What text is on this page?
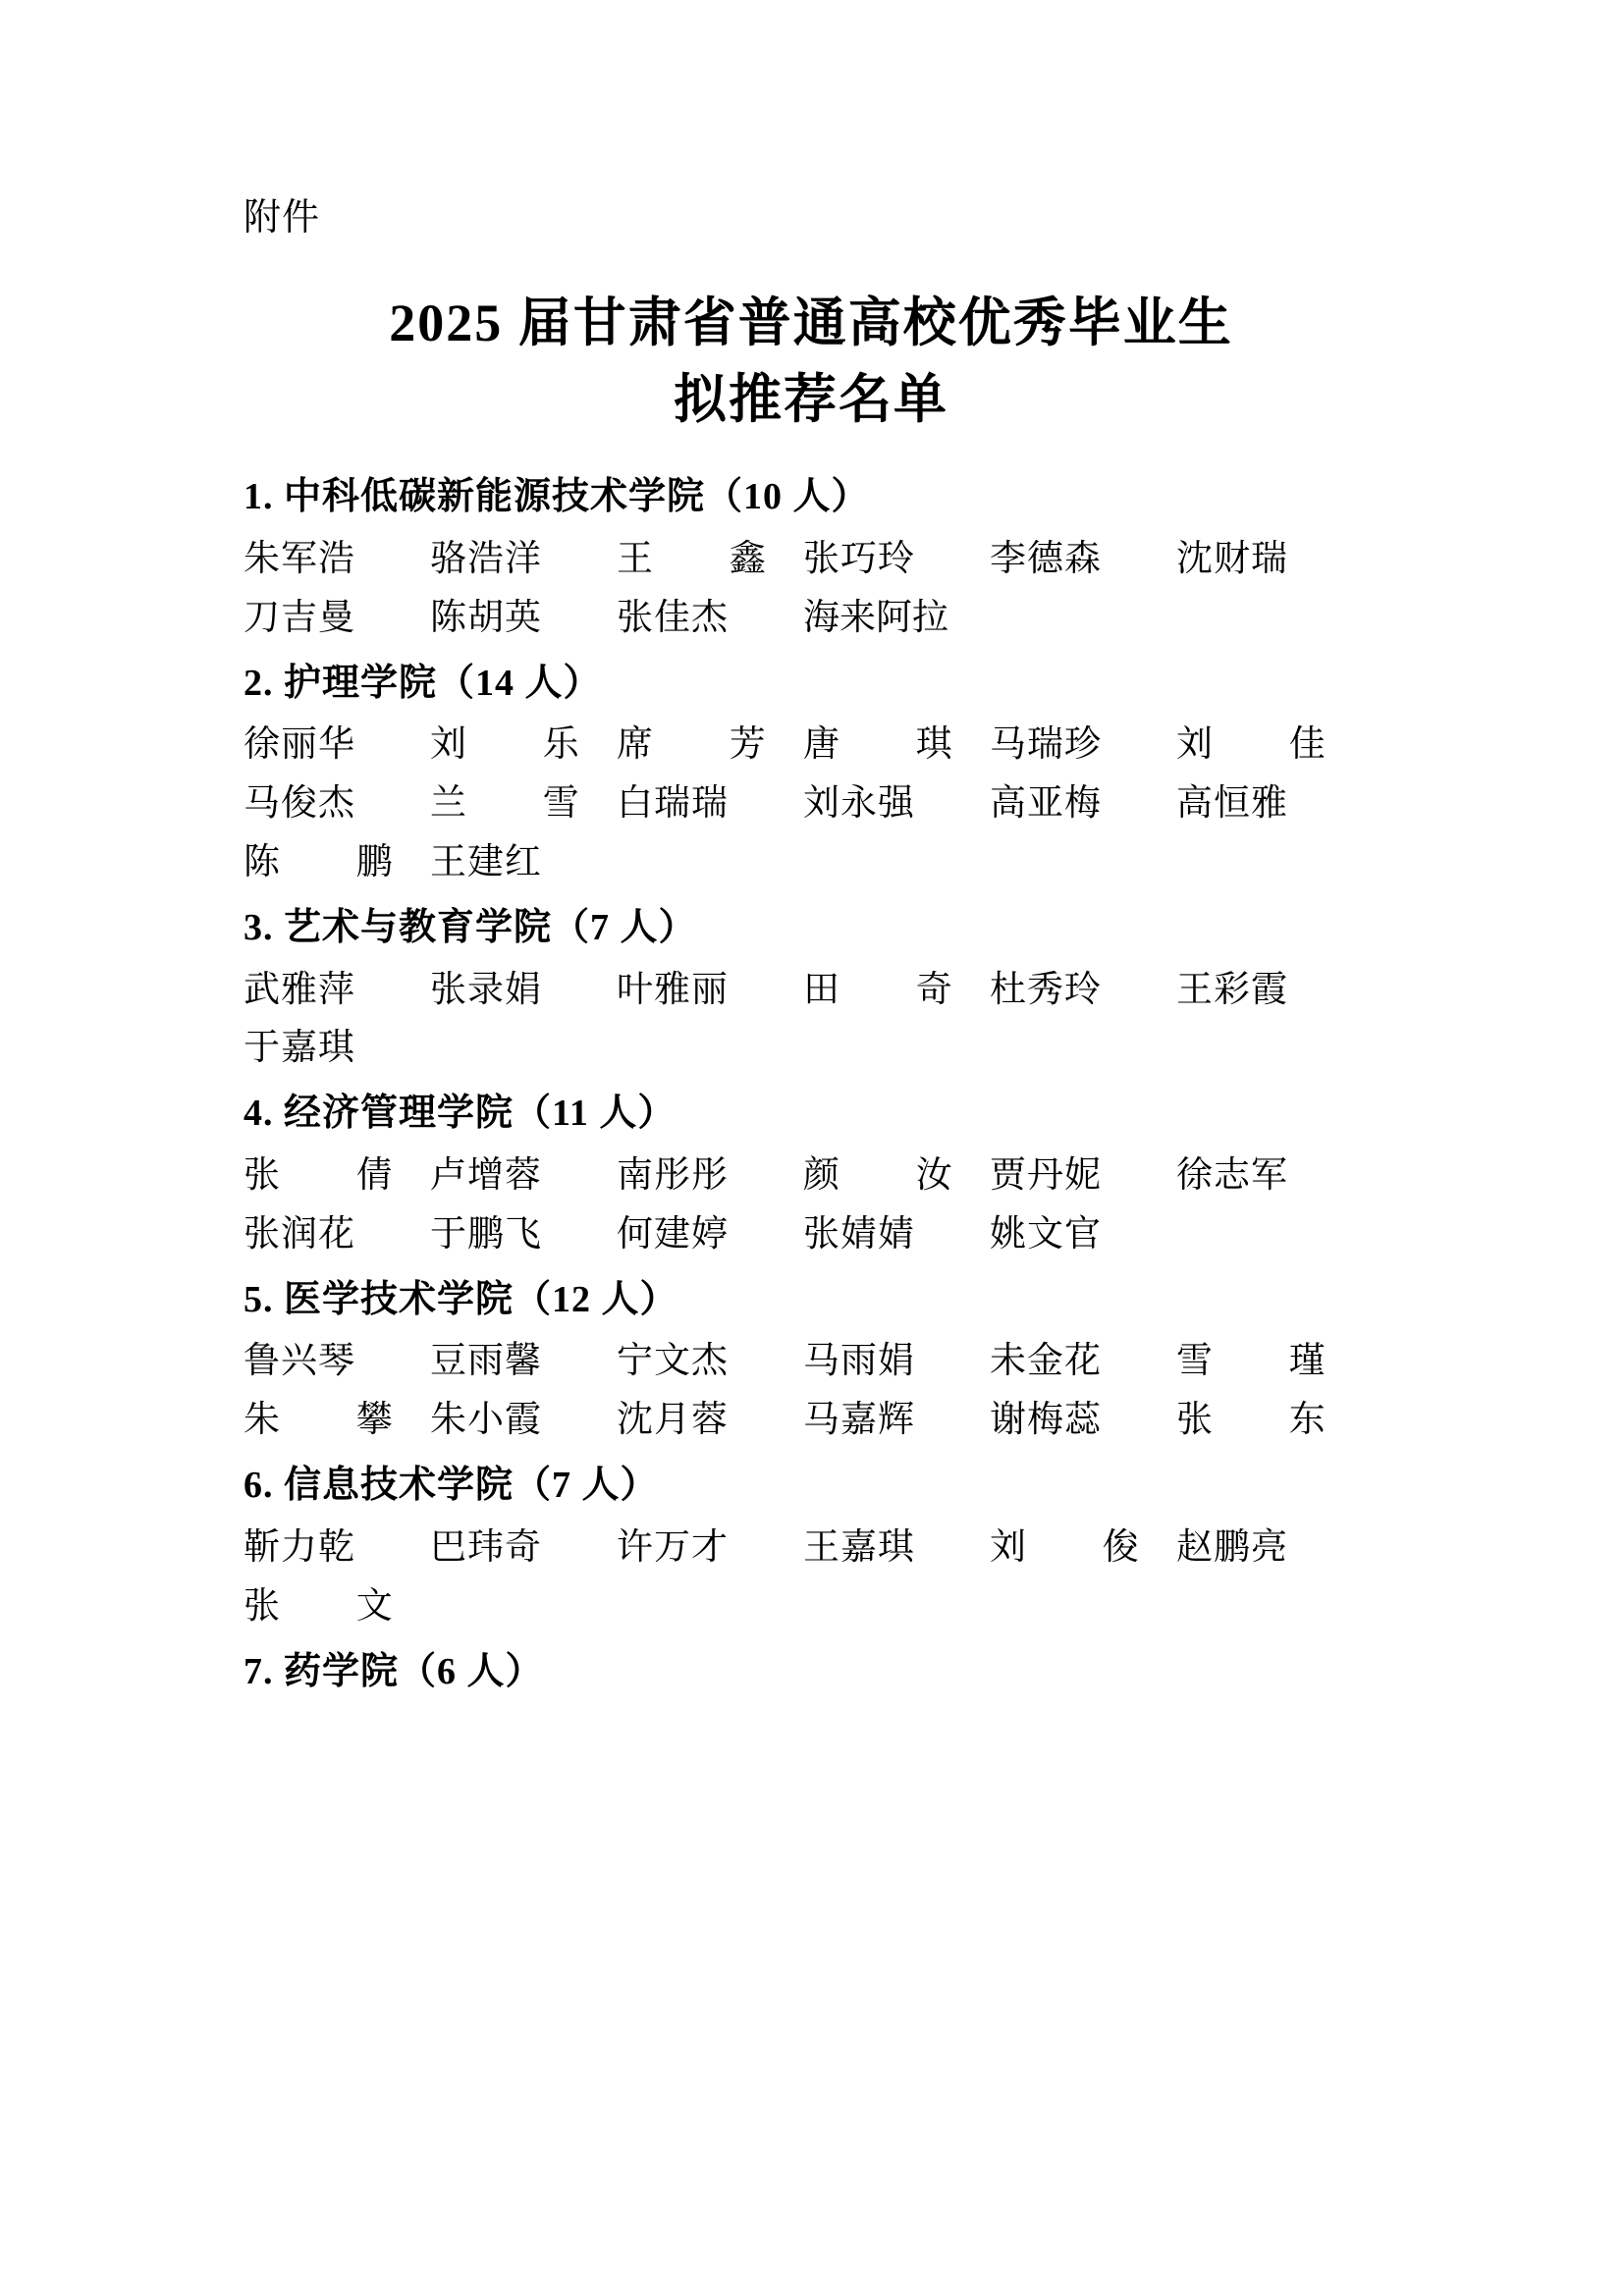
附件
2025 届甘肃省普通高校优秀毕业生
拟推荐名单
1. 中科低碳新能源技术学院（10 人）
朱军浩	骆浩洋	王　鑫 张巧玲	李德森	沈财瑞
刀吉曼	陈胡英	张佳杰	海来阿拉
2. 护理学院（14 人）
徐丽华	刘　乐 席　芳 唐　琪 马瑞珍	刘　佳
马俊杰	兰　雪 白瑞瑞	刘永强	高亚梅	高恒雅
陈　鹏 王建红
3. 艺术与教育学院（7 人）
武雅萍	张录娟	叶雅丽	田　奇 杜秀玲	王彩霞
于嘉琪
4. 经济管理学院（11 人）
张　倩 卢增蓉	南彤彤	颜　汝 贾丹妮	徐志军
张润花	于鹏飞	何建婷	张婧婧	姚文官
5. 医学技术学院（12 人）
鲁兴琴	豆雨馨	宁文杰	马雨娟	未金花	雪　瑾
朱　攀 朱小霞	沈月蓉	马嘉辉	谢梅蕊	张　东
6. 信息技术学院（7 人）
靳力乾	巴玮奇	许万才	王嘉琪	刘　俊 赵鹏亮
张　文
7. 药学院（6 人）
